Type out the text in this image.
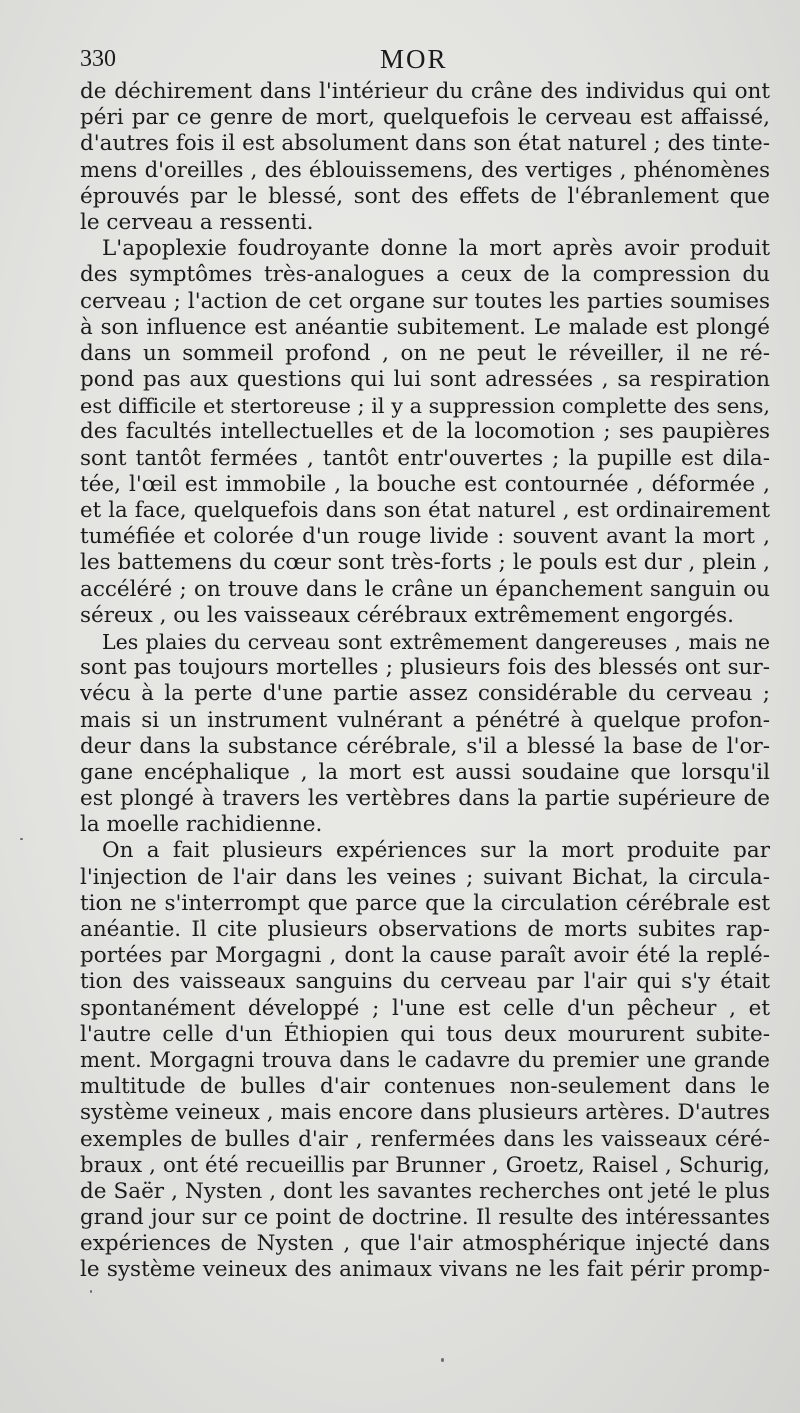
330	MOR
de déchirement dans l'intérieur du crâne des individus qui ont
péri par ce genre de mort, quelquefois le cerveau est affaissé,
d'autres fois il est absolument dans son état naturel ; des tinte-
mens d'oreilles , des éblouissemens, des vertiges , phénomènes
éprouvés par le blessé, sont des effets de l'ébranlement que
le cerveau a ressenti.
L'apoplexie foudroyante donne la mort après avoir produit
des symptômes très-analogues a ceux de la compression du
cerveau ; l'action de cet organe sur toutes les parties soumises
à son influence est anéantie subitement. Le malade est plongé
dans un sommeil profond , on ne peut le réveiller, il ne ré-
pond pas aux questions qui lui sont adressées , sa respiration
est difficile et stertoreuse ; il y a suppression complette des sens,
des facultés intellectuelles et de la locomotion ; ses paupières
sont tantôt fermées , tantôt entr'ouvertes ; la pupille est dila-
tée, l'œil est immobile , la bouche est contournée , déformée ,
et la face, quelquefois dans son état naturel , est ordinairement
tuméfiée et colorée d'un rouge livide : souvent avant la mort ,
les battemens du cœur sont très-forts ; le pouls est dur , plein ,
accéléré ; on trouve dans le crâne un épanchement sanguin ou
séreux , ou les vaisseaux cérébraux extrêmement engorgés.
Les plaies du cerveau sont extrêmement dangereuses , mais ne
sont pas toujours mortelles ; plusieurs fois des blessés ont sur-
vécu à la perte d'une partie assez considérable du cerveau ;
mais si un instrument vulnérant a pénétré à quelque profon-
deur dans la substance cérébrale, s'il a blessé la base de l'or-
gane encéphalique , la mort est aussi soudaine que lorsqu'il
est plongé à travers les vertèbres dans la partie supérieure de
la moelle rachidienne.
On a fait plusieurs expériences sur la mort produite par
l'injection de l'air dans les veines ; suivant Bichat, la circula-
tion ne s'interrompt que parce que la circulation cérébrale est
anéantie. Il cite plusieurs observations de morts subites rap-
portées par Morgagni , dont la cause paraît avoir été la replé-
tion des vaisseaux sanguins du cerveau par l'air qui s'y était
spontanément développé ; l'une est celle d'un pêcheur , et
l'autre celle d'un Éthiopien qui tous deux moururent subite-
ment. Morgagni trouva dans le cadavre du premier une grande
multitude de bulles d'air contenues non-seulement dans le
système veineux , mais encore dans plusieurs artères. D'autres
exemples de bulles d'air , renfermées dans les vaisseaux céré-
braux , ont été recueillis par Brunner , Groetz, Raisel , Schurig,
de Saër , Nysten , dont les savantes recherches ont jeté le plus
grand jour sur ce point de doctrine. Il resulte des intéressantes
expériences de Nysten , que l'air atmosphérique injecté dans
le système veineux des animaux vivans ne les fait périr promp-
